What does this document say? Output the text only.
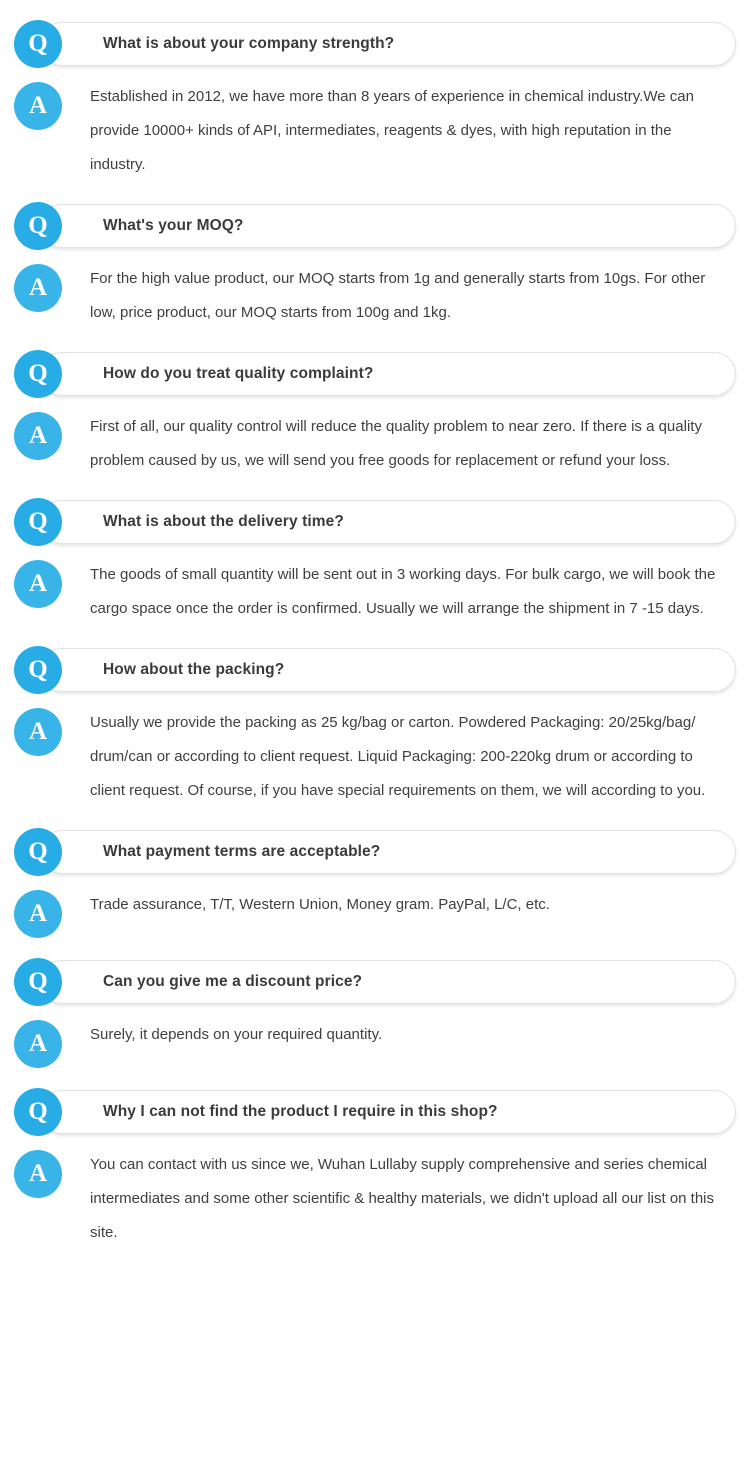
What is about your company strength?
Q
A	Established in 2012, we have more than 8 years of experience in chemical industry.We can provide 10000+ kinds of API, intermediates, reagents & dyes, with high reputation in the industry.
What's your MOQ?
Q
A	For the high value product, our MOQ starts from 1g and generally starts from 10gs. For other low, price product, our MOQ starts from 100g and 1kg.
How do you treat quality complaint?
Q
A	First of all, our quality control will reduce the quality problem to near zero. If there is a quality problem caused by us, we will send you free goods for replacement or refund your loss.
What is about the delivery time?
Q
A	The goods of small quantity will be sent out in 3 working days. For bulk cargo, we will book the cargo space once the order is confirmed. Usually we will arrange the shipment in 7 -15 days.
How about the packing?
Q
A	Usually we provide the packing as 25 kg/bag or carton. Powdered Packaging: 20/25kg/bag/ drum/can or according to client request. Liquid Packaging: 200-220kg drum or according to client request. Of course, if you have special requirements on them, we will according to you.
What payment terms are acceptable?
Q
A	Trade assurance, T/T, Western Union, Money gram. PayPal, L/C, etc.
Can you give me a discount price?
Q
A	Surely, it depends on your required quantity.
Why I can not find the product I require in this shop?
Q
A	You can contact with us since we, Wuhan Lullaby supply comprehensive and series chemical intermediates and some other scientific & healthy materials, we didn't upload all our list on this site.
